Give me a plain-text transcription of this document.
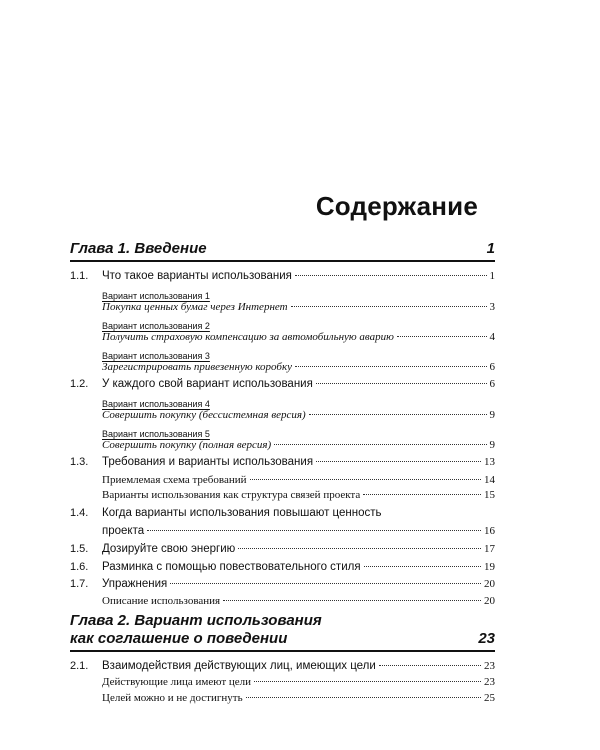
Содержание
Глава 1. Введение	1
1.1.	Что такое варианты использования	1
Вариант использования 1
Покупка ценных бумаг через Интернет	3
Вариант использования 2
Получить страховую компенсацию за автомобильную аварию	4
Вариант использования 3
Зарегистрировать привезенную коробку	6
1.2.	У каждого свой вариант использования	6
Вариант использования 4
Совершить покупку (бессистемная версия)	9
Вариант использования 5
Совершить покупку (полная версия)	9
1.3.	Требования и варианты использования	13
Приемлемая схема требований	14
Варианты использования как структура связей проекта	15
1.4.	Когда варианты использования повышают ценность
проекта	16
1.5.	Дозируйте свою энергию	17
1.6.	Разминка с помощью повествовательного стиля	19
1.7.	Упражнения	20
Описание использования	20
Глава 2. Вариант использования
как соглашение о поведении	23
2.1.	Взаимодействия действующих лиц, имеющих цели	23
Действующие лица имеют цели	23
Целей можно и не достигнуть	25
